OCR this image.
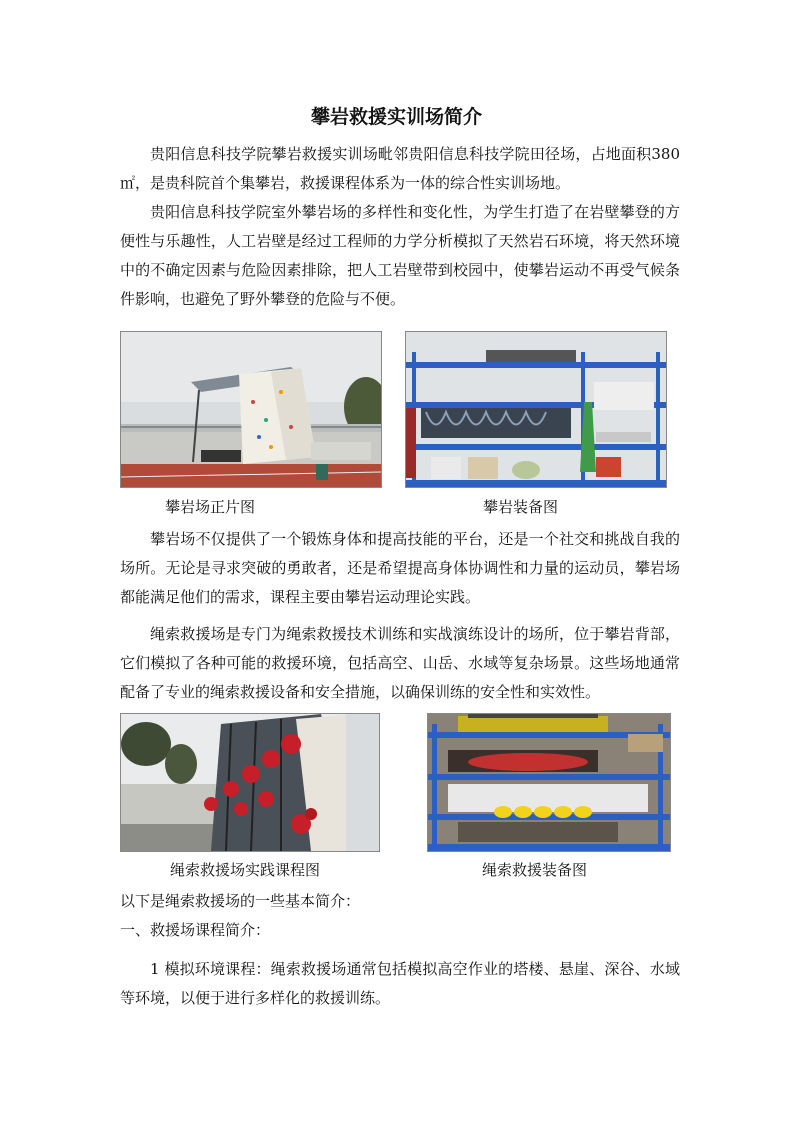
攀岩救援实训场简介

贵阳信息科技学院攀岩救援实训场毗邻贵阳信息科技学院田径场，占地面积380 ㎡，是贵科院首个集攀岩，救援课程体系为一体的综合性实训场地。

贵阳信息科技学院室外攀岩场的多样性和变化性，为学生打造了在岩壁攀登的方便性与乐趣性，人工岩壁是经过工程师的力学分析模拟了天然岩石环境，将天然环境中的不确定因素与危险因素排除，把人工岩壁带到校园中，使攀岩运动不再受气候条件影响，也避免了野外攀登的危险与不便。

攀岩场正片图	攀岩装备图

攀岩场不仅提供了一个锻炼身体和提高技能的平台，还是一个社交和挑战自我的场所。无论是寻求突破的勇敢者，还是希望提高身体协调性和力量的运动员，攀岩场都能满足他们的需求，课程主要由攀岩运动理论实践。

绳索救援场是专门为绳索救援技术训练和实战演练设计的场所，位于攀岩背部，它们模拟了各种可能的救援环境，包括高空、山岳、水域等复杂场景。这些场地通常配备了专业的绳索救援设备和安全措施，以确保训练的安全性和实效性。

绳索救援场实践课程图	绳索救援装备图

以下是绳索救援场的一些基本简介：

一、救援场课程简介：

1 模拟环境课程：绳索救援场通常包括模拟高空作业的塔楼、悬崖、深谷、水域等环境，以便于进行多样化的救援训练。
